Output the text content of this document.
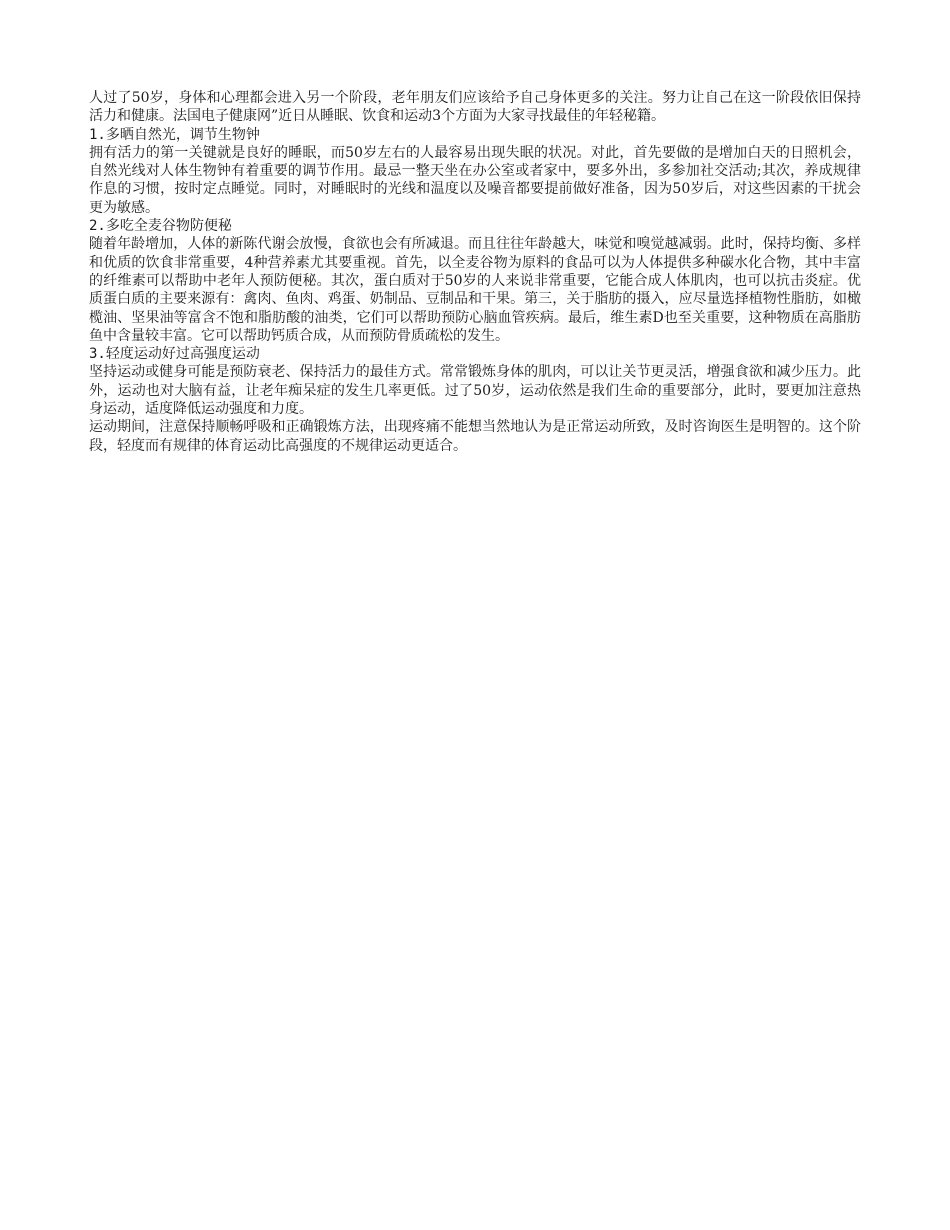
人过了50岁，身体和心理都会进入另一个阶段，老年朋友们应该给予自己身体更多的关注。努力让自己在这一阶段依旧保持活力和健康。法国电子健康网”近日从睡眠、饮食和运动3个方面为大家寻找最佳的年轻秘籍。

1.多晒自然光，调节生物钟

拥有活力的第一关键就是良好的睡眠，而50岁左右的人最容易出现失眠的状况。对此，首先要做的是增加白天的日照机会，自然光线对人体生物钟有着重要的调节作用。最忌一整天坐在办公室或者家中，要多外出，多参加社交活动;其次，养成规律作息的习惯，按时定点睡觉。同时，对睡眠时的光线和温度以及噪音都要提前做好准备，因为50岁后，对这些因素的干扰会更为敏感。

2.多吃全麦谷物防便秘

随着年龄增加，人体的新陈代谢会放慢，食欲也会有所减退。而且往往年龄越大，味觉和嗅觉越减弱。此时，保持均衡、多样和优质的饮食非常重要，4种营养素尤其要重视。首先，以全麦谷物为原料的食品可以为人体提供多种碳水化合物，其中丰富的纤维素可以帮助中老年人预防便秘。其次，蛋白质对于50岁的人来说非常重要，它能合成人体肌肉，也可以抗击炎症。优质蛋白质的主要来源有：禽肉、鱼肉、鸡蛋、奶制品、豆制品和干果。第三，关于脂肪的摄入，应尽量选择植物性脂肪，如橄榄油、坚果油等富含不饱和脂肪酸的油类，它们可以帮助预防心脑血管疾病。最后，维生素D也至关重要，这种物质在高脂肪鱼中含量较丰富。它可以帮助钙质合成，从而预防骨质疏松的发生。

3.轻度运动好过高强度运动

坚持运动或健身可能是预防衰老、保持活力的最佳方式。常常锻炼身体的肌肉，可以让关节更灵活，增强食欲和减少压力。此外，运动也对大脑有益，让老年痴呆症的发生几率更低。过了50岁，运动依然是我们生命的重要部分，此时，要更加注意热身运动，适度降低运动强度和力度。

运动期间，注意保持顺畅呼吸和正确锻炼方法，出现疼痛不能想当然地认为是正常运动所致，及时咨询医生是明智的。这个阶段，轻度而有规律的体育运动比高强度的不规律运动更适合。
